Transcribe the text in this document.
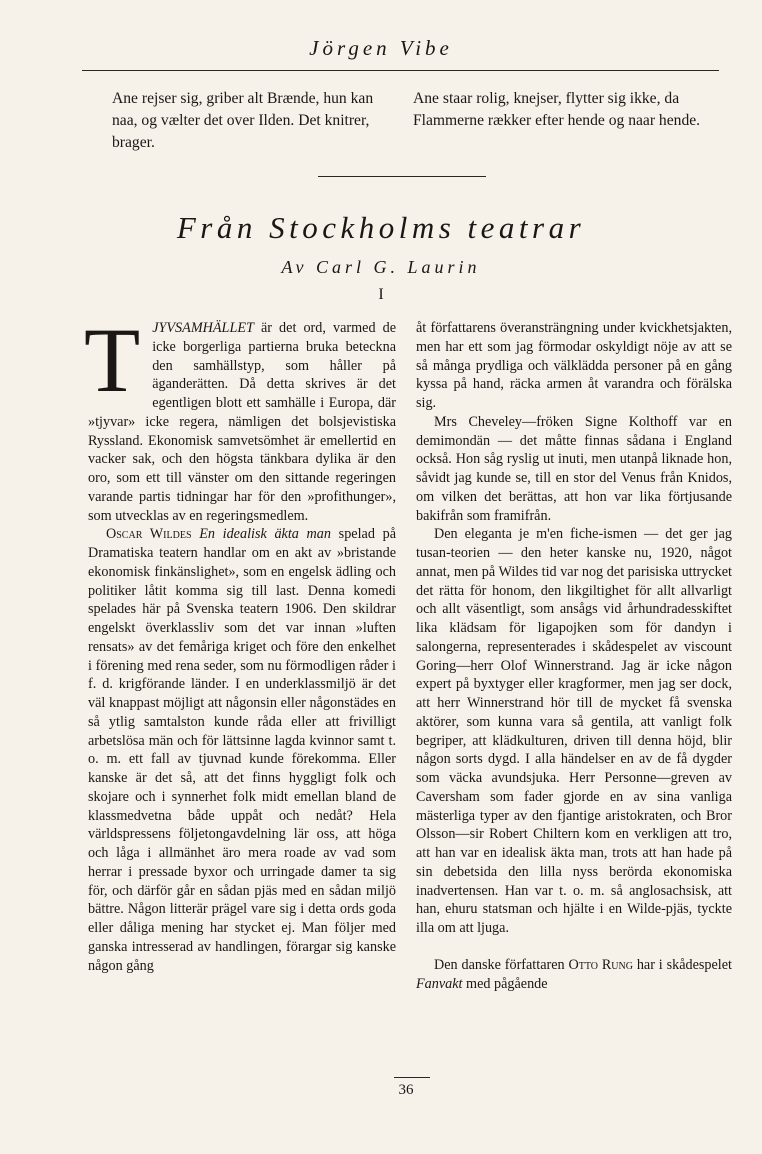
Jörgen Vibe
Ane rejser sig, griber alt Brænde, hun kan naa, og vælter det over Ilden. Det knitrer, brager.
Ane staar rolig, knejser, flytter sig ikke, da Flammerne rækker efter hende og naar hende.
Från Stockholms teatrar
Av Carl G. Laurin
I

TJYVSAMHÄLLET är det ord, varmed de icke borgerliga partierna bruka beteckna den samhällstyp, som håller på äganderätten. Då detta skrives är det egentligen blott ett samhälle i Europa, där »tjyvar» icke regera, nämligen det bolsjevistiska Ryssland. Ekonomisk samvetsömhet är emellertid en vacker sak, och den högsta tänkbara dylika är den oro, som ett till vänster om den sittande regeringen varande partis tidningar har för den »profithunger», som utvecklas av en regeringsmedlem.

Oscar Wildes En idealisk äkta man spelad på Dramatiska teatern handlar om en akt av »bristande ekonomisk finkänslighet», som en engelsk ädling och politiker låtit komma sig till last. Denna komedi spelades här på Svenska teatern 1906. Den skildrar engelskt överklassliv som det var innan »luften rensats» av det femåriga kriget och före den enkelhet i förening med rena seder, som nu förmodligen råder i f. d. krigförande länder. I en underklassmiljö är det väl knappast möjligt att någonsin eller någonstädes en så ytlig samtalston kunde råda eller att frivilligt arbetslösa män och för lättsinne lagda kvinnor samt t. o. m. ett fall av tjuvnad kunde förekomma. Eller kanske är det så, att det finns hyggligt folk och skojare och i synnerhet folk midt emellan bland de klassmedvetna både uppåt och nedåt? Hela världspressens följetongavdelning lär oss, att höga och låga i allmänhet äro mera roade av vad som herrar i pressade byxor och urringade damer ta sig för, och därför går en sådan pjäs med en sådan miljö bättre. Någon litterär prägel vare sig i detta ords goda eller dåliga mening har stycket ej. Man följer med ganska intresserad av handlingen, förargar sig kanske någon gång

åt författarens överansträngning under kvickhetsjakten, men har ett som jag förmodar oskyldigt nöje av att se så många prydliga och välklädda personer på en gång kyssa på hand, räcka armen åt varandra och förälska sig.

Mrs Cheveley—fröken Signe Kolthoff var en demimondän — det måtte finnas sådana i England också. Hon såg ryslig ut inuti, men utanpå liknade hon, såvidt jag kunde se, till en stor del Venus från Knidos, om vilken det berättas, att hon var lika förtjusande bakifrån som framifrån.

Den eleganta je m'en fiche-ismen — det ger jag tusan-teorien — den heter kanske nu, 1920, något annat, men på Wildes tid var nog det parisiska uttrycket det rätta för honom, den likgiltighet för allt allvarligt och allt väsentligt, som ansågs vid århundradesskiftet lika klädsam för ligapojken som för dandyn i salongerna, representerades i skådespelet av viscount Goring—herr Olof Winnerstrand. Jag är icke någon expert på byxtyger eller kragformer, men jag ser dock, att herr Winnerstrand hör till de mycket få svenska aktörer, som kunna vara så gentila, att vanligt folk begriper, att klädkulturen, driven till denna höjd, blir någon sorts dygd. I alla händelser en av de få dygder som väcka avundsjuka. Herr Personne—greven av Caversham som fader gjorde en av sina vanliga mästerliga typer av den fjantige aristokraten, och Bror Olsson—sir Robert Chiltern kom en verkligen att tro, att han var en idealisk äkta man, trots att han hade på sin debetsida den lilla nyss berörda ekonomiska inadvertensen. Han var t. o. m. så anglosachsisk, att han, ehuru statsman och hjälte i en Wilde-pjäs, tyckte illa om att ljuga.

Den danske författaren Otto Rung har i skådespelet Fanvakt med pågående

36
